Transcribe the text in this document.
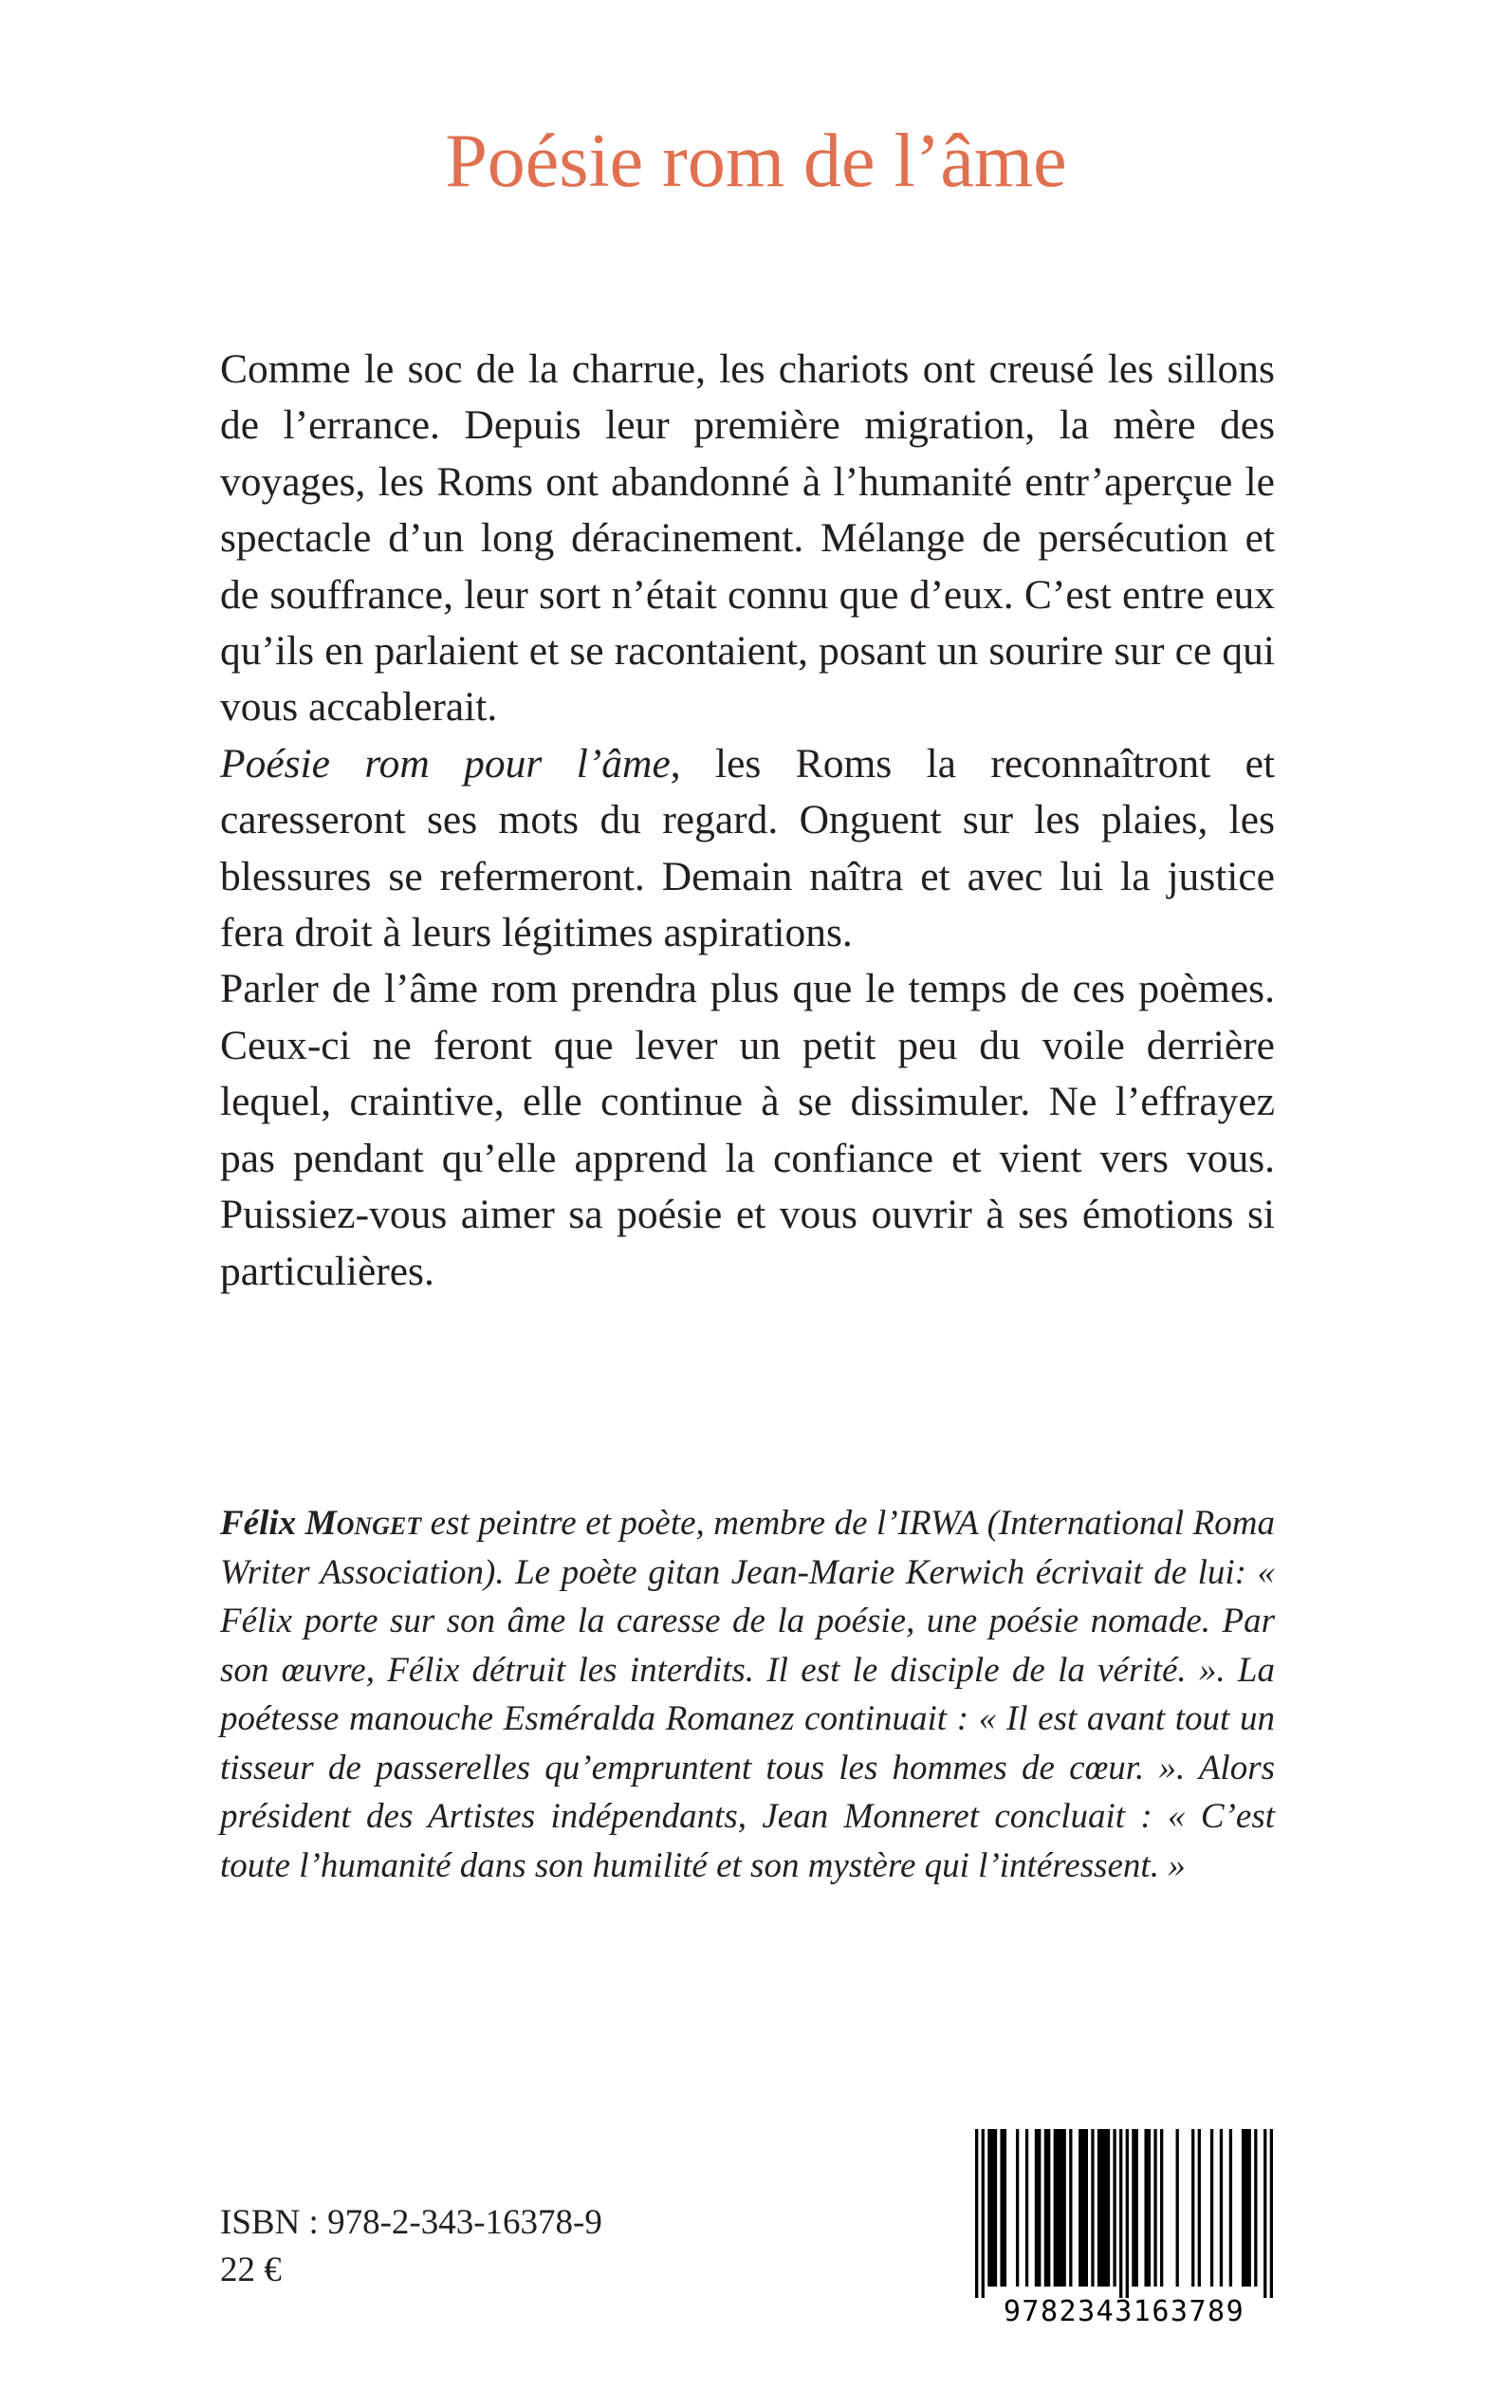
Poésie rom de l’âme

Comme le soc de la charrue, les chariots ont creusé les sillons de l’errance. Depuis leur première migration, la mère des voyages, les Roms ont abandonné à l’humanité entr’aperçue le spectacle d’un long déracinement. Mélange de persécution et de souffrance, leur sort n’était connu que d’eux. C’est entre eux qu’ils en parlaient et se racontaient, posant un sourire sur ce qui vous accablerait.

Poésie rom pour l’âme, les Roms la reconnaîtront et caresseront ses mots du regard. Onguent sur les plaies, les blessures se refermeront. Demain naîtra et avec lui la justice fera droit à leurs légitimes aspirations.

Parler de l’âme rom prendra plus que le temps de ces poèmes. Ceux-ci ne feront que lever un petit peu du voile derrière lequel, craintive, elle continue à se dissimuler. Ne l’effrayez pas pendant qu’elle apprend la confiance et vient vers vous. Puissiez-vous aimer sa poésie et vous ouvrir à ses émotions si particulières.

Félix Monget est peintre et poète, membre de l’IRWA (International Roma Writer Association). Le poète gitan Jean-Marie Kerwich écrivait de lui: « Félix porte sur son âme la caresse de la poésie, une poésie nomade. Par son œuvre, Félix détruit les interdits. Il est le disciple de la vérité. ». La poétesse manouche Esméralda Romanez continuait : « Il est avant tout un tisseur de passerelles qu’empruntent tous les hommes de cœur. ». Alors président des Artistes indépendants, Jean Monneret concluait : « C’est toute l’humanité dans son humilité et son mystère qui l’intéressent. »

ISBN : 978-2-343-16378-9
22 €
9782343163789
